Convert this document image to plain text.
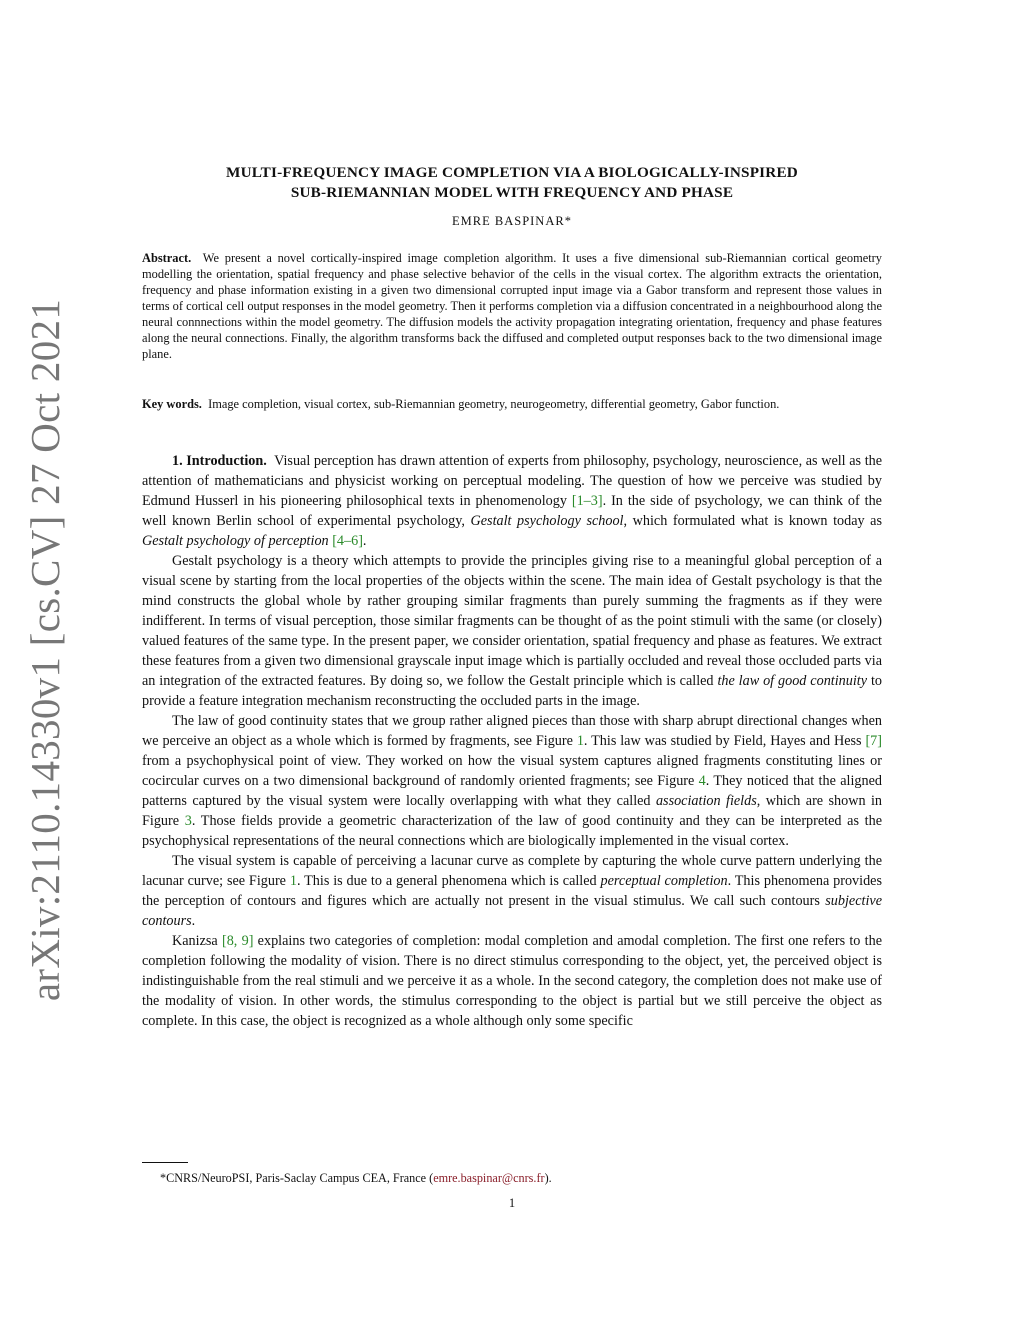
arXiv:2110.14330v1 [cs.CV] 27 Oct 2021
MULTI-FREQUENCY IMAGE COMPLETION VIA A BIOLOGICALLY-INSPIRED
SUB-RIEMANNIAN MODEL WITH FREQUENCY AND PHASE
EMRE BASPINAR*
Abstract. We present a novel cortically-inspired image completion algorithm. It uses a five dimensional sub-Riemannian cortical geometry modelling the orientation, spatial frequency and phase selective behavior of the cells in the visual cortex. The algorithm extracts the orientation, frequency and phase information existing in a given two dimensional corrupted input image via a Gabor transform and represent those values in terms of cortical cell output responses in the model geometry. Then it performs completion via a diffusion concentrated in a neighbourhood along the neural connnections within the model geometry. The diffusion models the activity propagation integrating orientation, frequency and phase features along the neural connections. Finally, the algorithm transforms back the diffused and completed output responses back to the two dimensional image plane.
Key words. Image completion, visual cortex, sub-Riemannian geometry, neurogeometry, differential geometry, Gabor function.

1. Introduction. Visual perception has drawn attention of experts from philosophy, psychology, neuroscience, as well as the attention of mathematicians and physicist working on perceptual modeling. The question of how we perceive was studied by Edmund Husserl in his pioneering philosophical texts in phenomenology [1–3]. In the side of psychology, we can think of the well known Berlin school of experimental psychology, Gestalt psychology school, which formulated what is known today as Gestalt psychology of perception [4–6].

Gestalt psychology is a theory which attempts to provide the principles giving rise to a meaningful global perception of a visual scene by starting from the local properties of the objects within the scene. The main idea of Gestalt psychology is that the mind constructs the global whole by rather grouping similar fragments than purely summing the fragments as if they were indifferent. In terms of visual perception, those similar fragments can be thought of as the point stimuli with the same (or closely) valued features of the same type. In the present paper, we consider orientation, spatial frequency and phase as features. We extract these features from a given two dimensional grayscale input image which is partially occluded and reveal those occluded parts via an integration of the extracted features. By doing so, we follow the Gestalt principle which is called the law of good continuity to provide a feature integration mechanism reconstructing the occluded parts in the image.

The law of good continuity states that we group rather aligned pieces than those with sharp abrupt directional changes when we perceive an object as a whole which is formed by fragments, see Figure 1. This law was studied by Field, Hayes and Hess [7] from a psychophysical point of view. They worked on how the visual system captures aligned fragments constituting lines or cocircular curves on a two dimensional background of randomly oriented fragments; see Figure 4. They noticed that the aligned patterns captured by the visual system were locally overlapping with what they called association fields, which are shown in Figure 3. Those fields provide a geometric characterization of the law of good continuity and they can be interpreted as the psychophysical representations of the neural connections which are biologically implemented in the visual cortex.

The visual system is capable of perceiving a lacunar curve as complete by capturing the whole curve pattern underlying the lacunar curve; see Figure 1. This is due to a general phenomena which is called perceptual completion. This phenomena provides the perception of contours and figures which are actually not present in the visual stimulus. We call such contours subjective contours.

Kanizsa [8, 9] explains two categories of completion: modal completion and amodal completion. The first one refers to the completion following the modality of vision. There is no direct stimulus corresponding to the object, yet, the perceived object is indistinguishable from the real stimuli and we perceive it as a whole. In the second category, the completion does not make use of the modality of vision. In other words, the stimulus corresponding to the object is partial but we still perceive the object as complete. In this case, the object is recognized as a whole although only some specific

*CNRS/NeuroPSI, Paris-Saclay Campus CEA, France (emre.baspinar@cnrs.fr).
1
